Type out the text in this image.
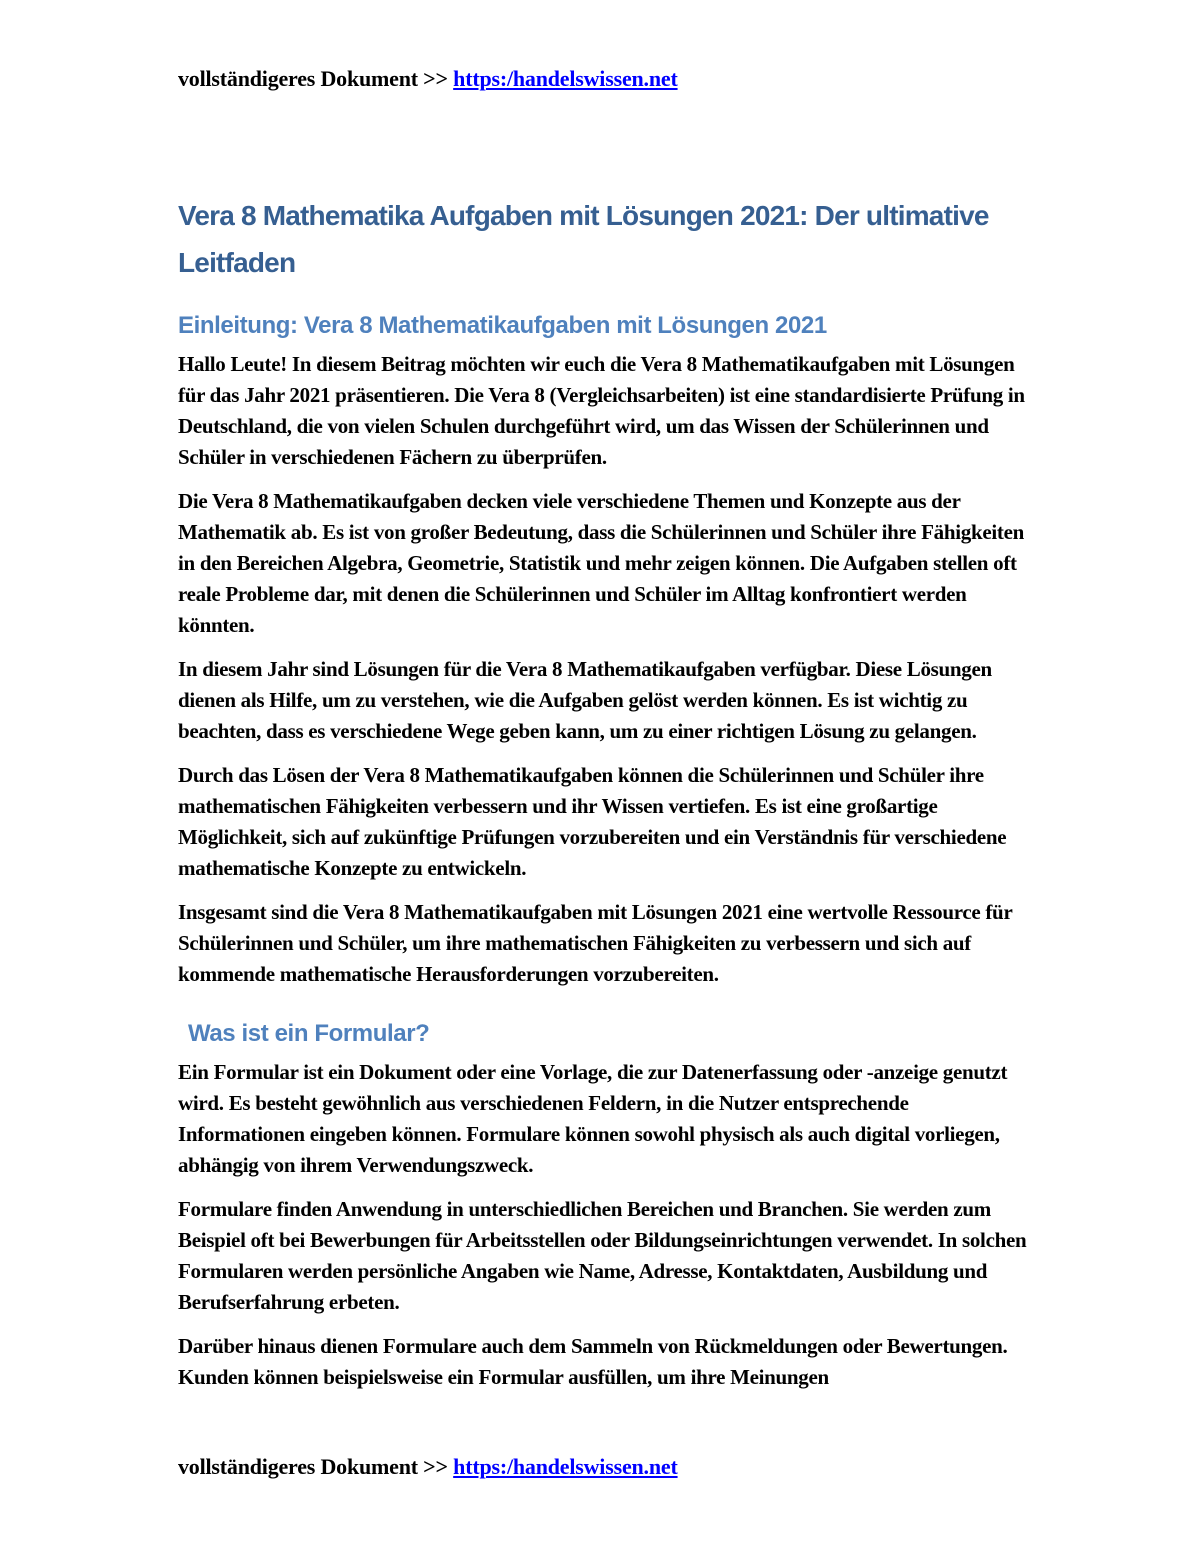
vollständigeres Dokument >> https:/handelswissen.net
Vera 8 Mathematika Aufgaben mit Lösungen 2021: Der ultimative Leitfaden
Einleitung: Vera 8 Mathematikaufgaben mit Lösungen 2021

Hallo Leute! In diesem Beitrag möchten wir euch die Vera 8 Mathematikaufgaben mit Lösungen für das Jahr 2021 präsentieren. Die Vera 8 (Vergleichsarbeiten) ist eine standardisierte Prüfung in Deutschland, die von vielen Schulen durchgeführt wird, um das Wissen der Schülerinnen und Schüler in verschiedenen Fächern zu überprüfen.

Die Vera 8 Mathematikaufgaben decken viele verschiedene Themen und Konzepte aus der Mathematik ab. Es ist von großer Bedeutung, dass die Schülerinnen und Schüler ihre Fähigkeiten in den Bereichen Algebra, Geometrie, Statistik und mehr zeigen können. Die Aufgaben stellen oft reale Probleme dar, mit denen die Schülerinnen und Schüler im Alltag konfrontiert werden könnten.

In diesem Jahr sind Lösungen für die Vera 8 Mathematikaufgaben verfügbar. Diese Lösungen dienen als Hilfe, um zu verstehen, wie die Aufgaben gelöst werden können. Es ist wichtig zu beachten, dass es verschiedene Wege geben kann, um zu einer richtigen Lösung zu gelangen.

Durch das Lösen der Vera 8 Mathematikaufgaben können die Schülerinnen und Schüler ihre mathematischen Fähigkeiten verbessern und ihr Wissen vertiefen. Es ist eine großartige Möglichkeit, sich auf zukünftige Prüfungen vorzubereiten und ein Verständnis für verschiedene mathematische Konzepte zu entwickeln.

Insgesamt sind die Vera 8 Mathematikaufgaben mit Lösungen 2021 eine wertvolle Ressource für Schülerinnen und Schüler, um ihre mathematischen Fähigkeiten zu verbessern und sich auf kommende mathematische Herausforderungen vorzubereiten.

Was ist ein Formular?

Ein Formular ist ein Dokument oder eine Vorlage, die zur Datenerfassung oder -anzeige genutzt wird. Es besteht gewöhnlich aus verschiedenen Feldern, in die Nutzer entsprechende Informationen eingeben können. Formulare können sowohl physisch als auch digital vorliegen, abhängig von ihrem Verwendungszweck.

Formulare finden Anwendung in unterschiedlichen Bereichen und Branchen. Sie werden zum Beispiel oft bei Bewerbungen für Arbeitsstellen oder Bildungseinrichtungen verwendet. In solchen Formularen werden persönliche Angaben wie Name, Adresse, Kontaktdaten, Ausbildung und Berufserfahrung erbeten.

Darüber hinaus dienen Formulare auch dem Sammeln von Rückmeldungen oder Bewertungen. Kunden können beispielsweise ein Formular ausfüllen, um ihre Meinungen

vollständigeres Dokument >> https:/handelswissen.net
